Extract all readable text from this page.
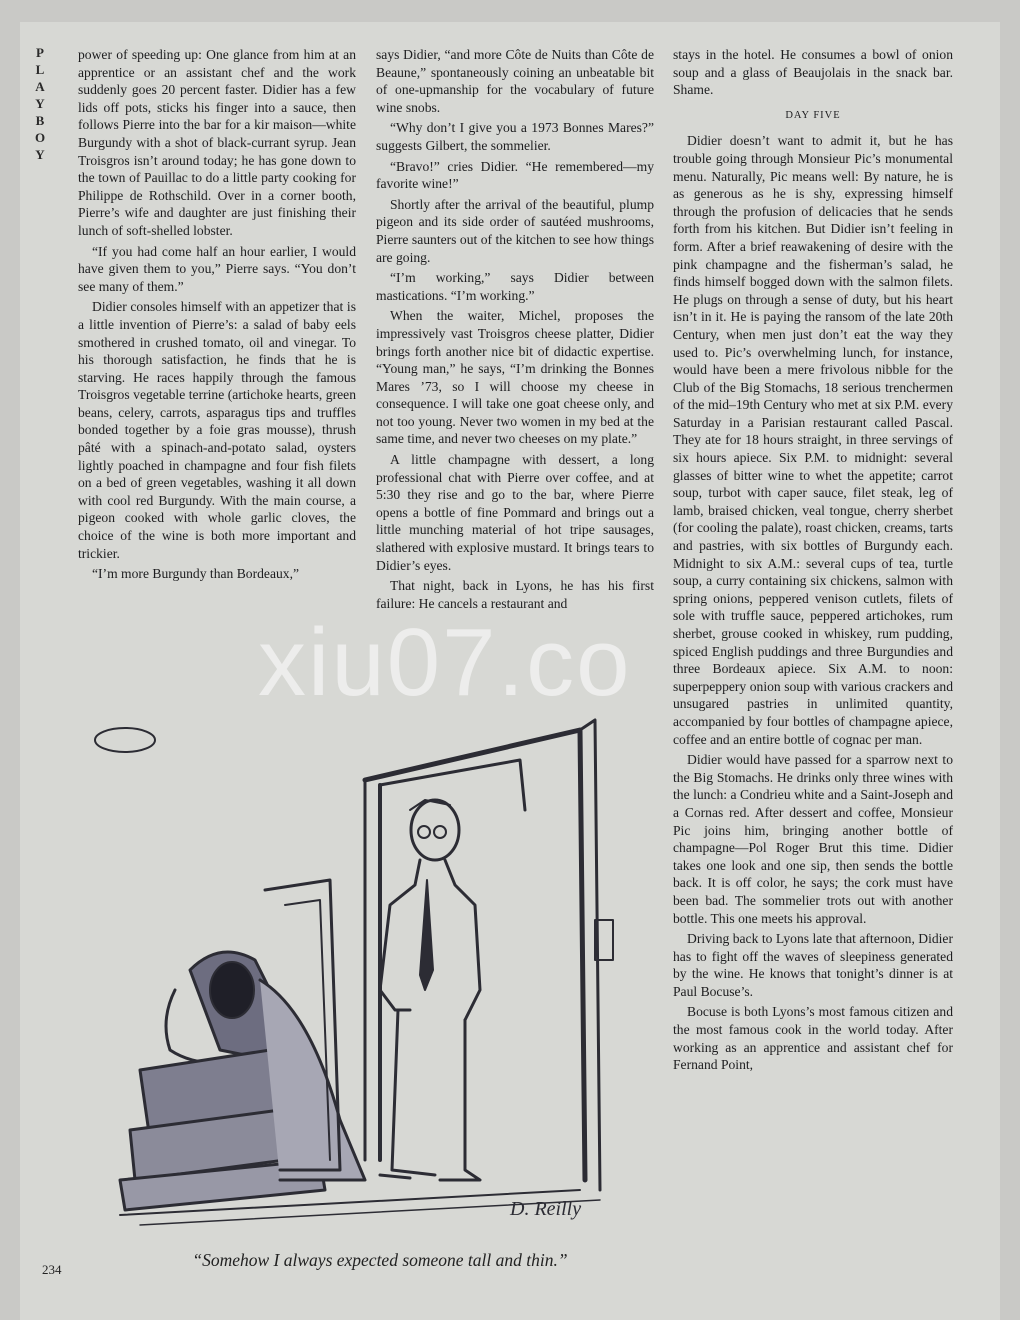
P
L
A
Y
B
O
Y

power of speeding up: One glance from him at an apprentice or an assistant chef and the work suddenly goes 20 percent faster. Didier has a few lids off pots, sticks his finger into a sauce, then follows Pierre into the bar for a kir maison—white Burgundy with a shot of black-currant syrup. Jean Troisgros isn’t around today; he has gone down to the town of Pauillac to do a little party cooking for Philippe de Rothschild. Over in a corner booth, Pierre’s wife and daughter are just finishing their lunch of soft-shelled lobster.

“If you had come half an hour earlier, I would have given them to you,” Pierre says. “You don’t see many of them.”

Didier consoles himself with an appetizer that is a little invention of Pierre’s: a salad of baby eels smothered in crushed tomato, oil and vinegar. To his thorough satisfaction, he finds that he is starving. He races happily through the famous Troisgros vegetable terrine (artichoke hearts, green beans, celery, carrots, asparagus tips and truffles bonded together by a foie gras mousse), thrush pâté with a spinach-and-potato salad, oysters lightly poached in champagne and four fish filets on a bed of green vegetables, washing it all down with cool red Burgundy. With the main course, a pigeon cooked with whole garlic cloves, the choice of the wine is both more important and trickier.

“I’m more Burgundy than Bordeaux,”

says Didier, “and more Côte de Nuits than Côte de Beaune,” spontaneously coining an unbeatable bit of one-upmanship for the vocabulary of future wine snobs.

“Why don’t I give you a 1973 Bonnes Mares?” suggests Gilbert, the sommelier.

“Bravo!” cries Didier. “He remembered—my favorite wine!”

Shortly after the arrival of the beautiful, plump pigeon and its side order of sautéed mushrooms, Pierre saunters out of the kitchen to see how things are going.

“I’m working,” says Didier between mastications. “I’m working.”

When the waiter, Michel, proposes the impressively vast Troisgros cheese platter, Didier brings forth another nice bit of didactic expertise. “Young man,” he says, “I’m drinking the Bonnes Mares ’73, so I will choose my cheese in consequence. I will take one goat cheese only, and not too young. Never two women in my bed at the same time, and never two cheeses on my plate.”

A little champagne with dessert, a long professional chat with Pierre over coffee, and at 5:30 they rise and go to the bar, where Pierre opens a bottle of fine Pommard and brings out a little munching material of hot tripe sausages, slathered with explosive mustard. It brings tears to Didier’s eyes.

That night, back in Lyons, he has his first failure: He cancels a restaurant and

stays in the hotel. He consumes a bowl of onion soup and a glass of Beaujolais in the snack bar. Shame.

DAY FIVE

Didier doesn’t want to admit it, but he has trouble going through Monsieur Pic’s monumental menu. Naturally, Pic means well: By nature, he is as generous as he is shy, expressing himself through the profusion of delicacies that he sends forth from his kitchen. But Didier isn’t feeling in form. After a brief reawakening of desire with the pink champagne and the fisherman’s salad, he finds himself bogged down with the salmon filets. He plugs on through a sense of duty, but his heart isn’t in it. He is paying the ransom of the late 20th Century, when men just don’t eat the way they used to. Pic’s overwhelming lunch, for instance, would have been a mere frivolous nibble for the Club of the Big Stomachs, 18 serious trenchermen of the mid–19th Century who met at six P.M. every Saturday in a Parisian restaurant called Pascal. They ate for 18 hours straight, in three servings of six hours apiece. Six P.M. to midnight: several glasses of bitter wine to whet the appetite; carrot soup, turbot with caper sauce, filet steak, leg of lamb, braised chicken, veal tongue, cherry sherbet (for cooling the palate), roast chicken, creams, tarts and pastries, with six bottles of Burgundy each. Midnight to six A.M.: several cups of tea, turtle soup, a curry containing six chickens, salmon with spring onions, peppered venison cutlets, filets of sole with truffle sauce, peppered artichokes, rum sherbet, grouse cooked in whiskey, rum pudding, spiced English puddings and three Burgundies and three Bordeaux apiece. Six A.M. to noon: superpeppery onion soup with various crackers and unsugared pastries in unlimited quantity, accompanied by four bottles of champagne apiece, coffee and an entire bottle of cognac per man.

Didier would have passed for a sparrow next to the Big Stomachs. He drinks only three wines with the lunch: a Condrieu white and a Saint-Joseph and a Cornas red. After dessert and coffee, Monsieur Pic joins him, bringing another bottle of champagne—Pol Roger Brut this time. Didier takes one look and one sip, then sends the bottle back. It is off color, he says; the cork must have been bad. The sommelier trots out with another bottle. This one meets his approval.

Driving back to Lyons late that afternoon, Didier has to fight off the waves of sleepiness generated by the wine. He knows that tonight’s dinner is at Paul Bocuse’s.

Bocuse is both Lyons’s most famous citizen and the most famous cook in the world today. After working as an apprentice and assistant chef for Fernand Point,

D. Reilly
“Somehow I always expected someone tall and thin.”
234
xiu07.co
